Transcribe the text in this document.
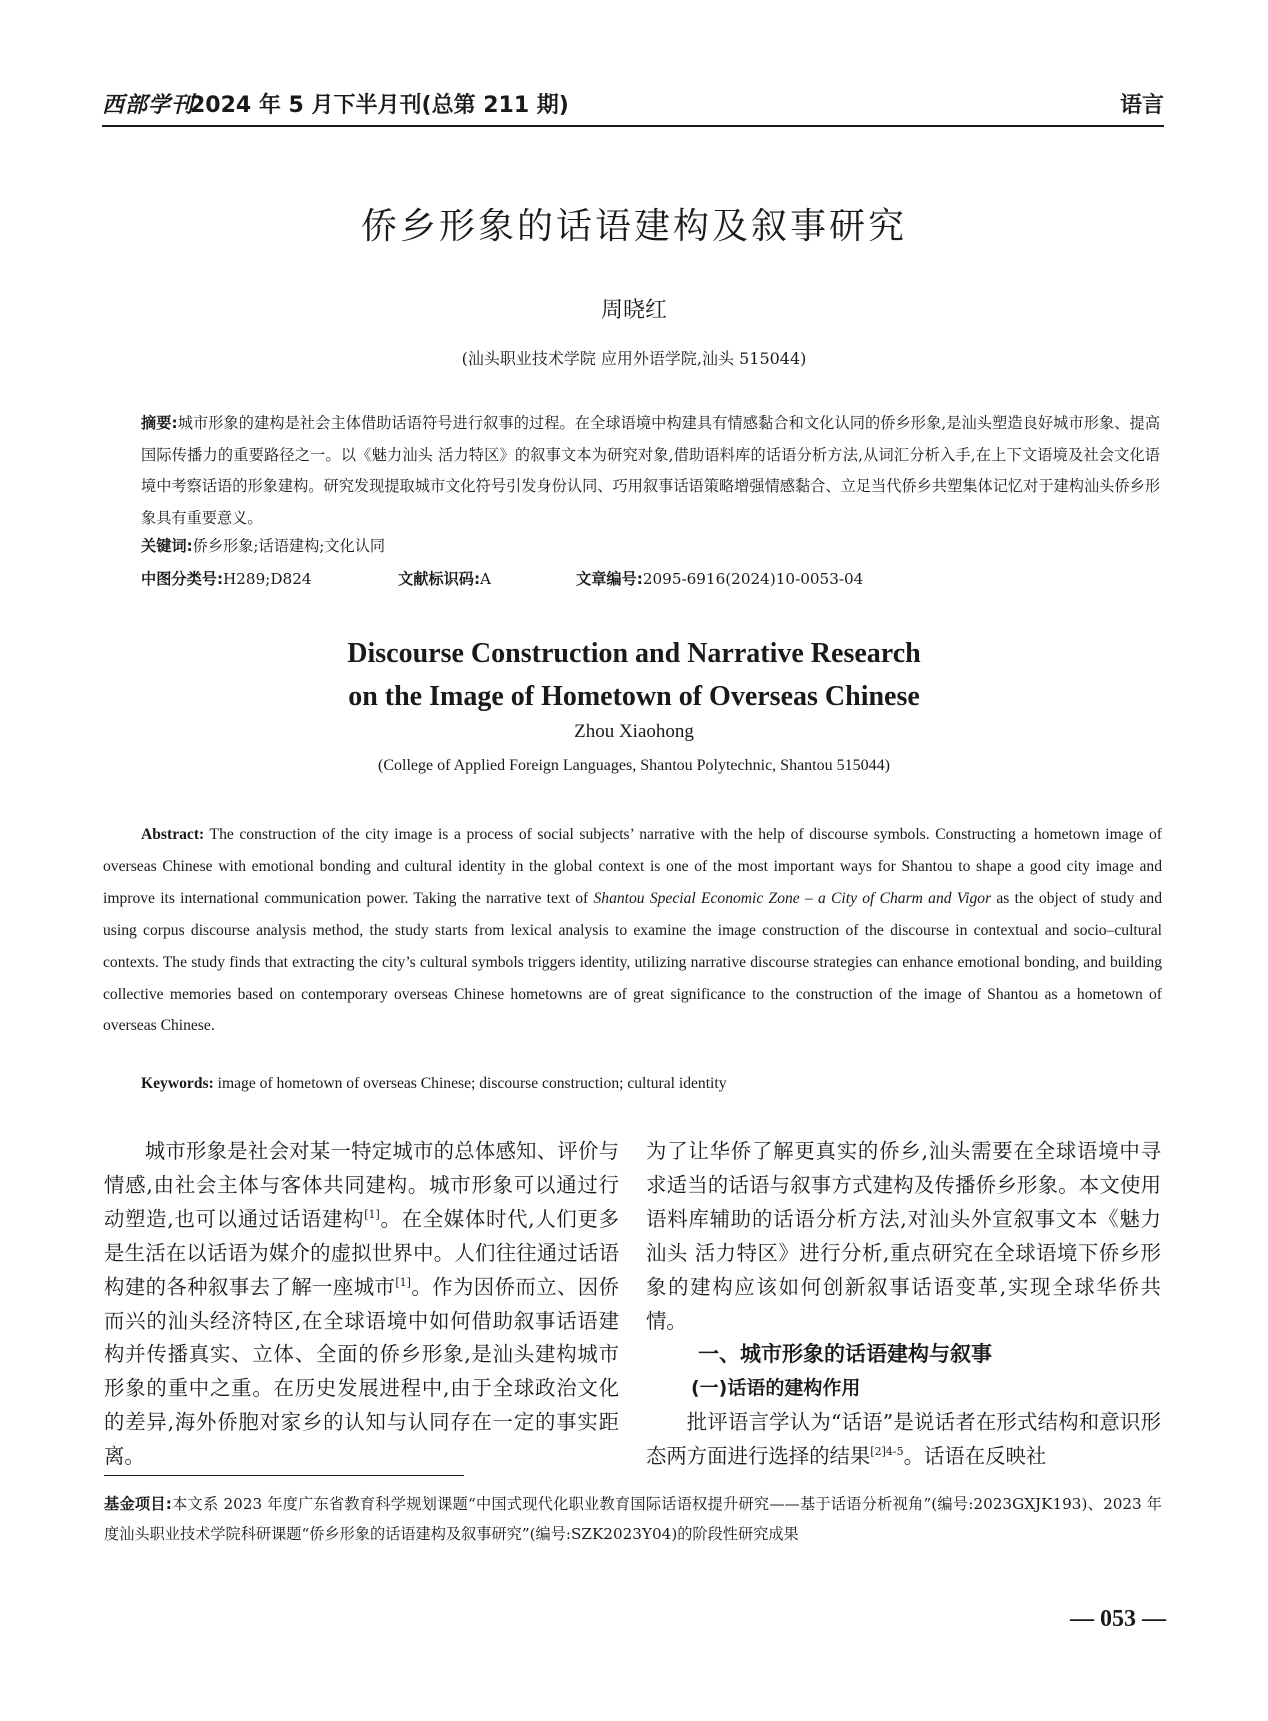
西部学刊
2024 年 5 月下半月刊(总第 211 期)	语言
侨乡形象的话语建构及叙事研究
周晓红
(汕头职业技术学院 应用外语学院,汕头 515044)
摘要:城市形象的建构是社会主体借助话语符号进行叙事的过程。在全球语境中构建具有情感黏合和文化认同的侨乡形象,是汕头塑造良好城市形象、提高国际传播力的重要路径之一。以《魅力汕头 活力特区》的叙事文本为研究对象,借助语料库的话语分析方法,从词汇分析入手,在上下文语境及社会文化语境中考察话语的形象建构。研究发现提取城市文化符号引发身份认同、巧用叙事话语策略增强情感黏合、立足当代侨乡共塑集体记忆对于建构汕头侨乡形象具有重要意义。
关键词:侨乡形象;话语建构;文化认同
中图分类号:H289;D824	文献标识码:A	文章编号:2095-6916(2024)10-0053-04
Discourse Construction and Narrative Research
on the Image of Hometown of Overseas Chinese
Zhou Xiaohong
(College of Applied Foreign Languages, Shantou Polytechnic, Shantou 515044)
Abstract: The construction of the city image is a process of social subjects’ narrative with the help of discourse symbols. Constructing a hometown image of overseas Chinese with emotional bonding and cultural identity in the global context is one of the most important ways for Shantou to shape a good city image and improve its international communication power. Taking the narrative text of Shantou Special Economic Zone – a City of Charm and Vigor as the object of study and using corpus discourse analysis method, the study starts from lexical analysis to examine the image construction of the discourse in contextual and socio–cultural contexts. The study finds that extracting the city’s cultural symbols triggers identity, utilizing narrative discourse strategies can enhance emotional bonding, and building collective memories based on contemporary overseas Chinese hometowns are of great significance to the construction of the image of Shantou as a hometown of overseas Chinese.
Keywords: image of hometown of overseas Chinese; discourse construction; cultural identity

城市形象是社会对某一特定城市的总体感知、评价与情感,由社会主体与客体共同建构。城市形象可以通过行动塑造,也可以通过话语建构[1]。在全媒体时代,人们更多是生活在以话语为媒介的虚拟世界中。人们往往通过话语构建的各种叙事去了解一座城市[1]。作为因侨而立、因侨而兴的汕头经济特区,在全球语境中如何借助叙事话语建构并传播真实、立体、全面的侨乡形象,是汕头建构城市形象的重中之重。在历史发展进程中,由于全球政治文化的差异,海外侨胞对家乡的认知与认同存在一定的事实距离。

为了让华侨了解更真实的侨乡,汕头需要在全球语境中寻求适当的话语与叙事方式建构及传播侨乡形象。本文使用语料库辅助的话语分析方法,对汕头外宣叙事文本《魅力汕头 活力特区》进行分析,重点研究在全球语境下侨乡形象的建构应该如何创新叙事话语变革,实现全球华侨共情。

一、城市形象的话语建构与叙事
(一)话语的建构作用

批评语言学认为“话语”是说话者在形式结构和意识形态两方面进行选择的结果$^{[2]4-5}$。话语在反映社

基金项目:本文系 2023 年度广东省教育科学规划课题“中国式现代化职业教育国际话语权提升研究——基于话语分析视角”(编号:2023GXJK193)、2023 年度汕头职业技术学院科研课题“侨乡形象的话语建构及叙事研究”(编号:SZK2023Y04)的阶段性研究成果
— 053 —
